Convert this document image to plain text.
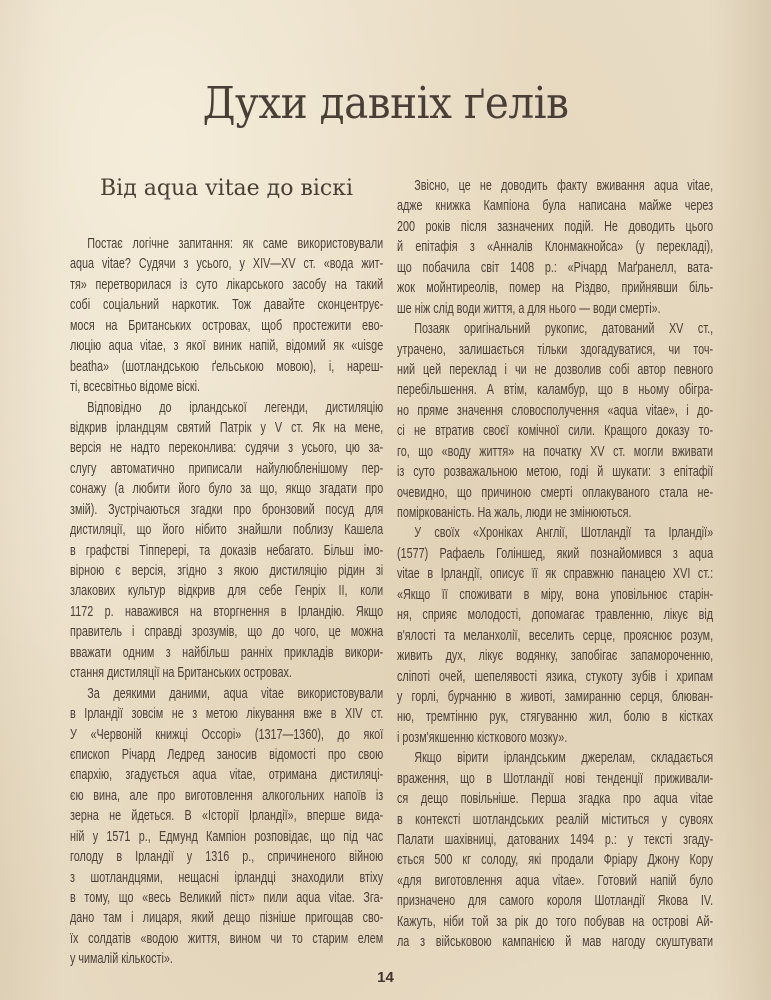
Духи давніх ґелів
Від aqua vitae до віскі
Постає логічне запитання: як саме використовували
aqua vitae? Судячи з усього, у XIV—XV ст. «вода жит-
тя» перетворилася із суто лікарського засобу на такий
собі соціальний наркотик. Тож давайте сконцентрує-
мося на Британських островах, щоб простежити ево-
люцію aqua vitae, з якої виник напій, відомий як «uisge
beatha» (шотландською ґельською мовою), і, нареш-
ті, всесвітньо відоме віскі.
Відповідно до ірландської легенди, дистиляцію
відкрив ірландцям святий Патрік у V ст. Як на мене,
версія не надто переконлива: судячи з усього, цю за-
слугу автоматично приписали найулюбленішому пер-
сонажу (а любити його було за що, якщо згадати про
змій). Зустрічаються згадки про бронзовий посуд для
дистиляції, що його нібито знайшли поблизу Кашела
в графстві Тіпперері, та доказів небагато. Більш імо-
вірною є версія, згідно з якою дистиляцію рідин зі
злакових культур відкрив для себе Генріх II, коли
1172 р. наважився на вторгнення в Ірландію. Якщо
правитель і справді зрозумів, що до чого, це можна
вважати одним з найбільш ранніх прикладів викори-
стання дистиляції на Британських островах.
За деякими даними, aqua vitae використовували
в Ірландії зовсім не з метою лікування вже в XIV ст.
У «Червоній книжці Оссорі» (1317—1360), до якої
єпископ Річард Ледред заносив відомості про свою
єпархію, згадується aqua vitae, отримана дистиляці-
єю вина, але про виготовлення алкогольних напоїв із
зерна не йдеться. В «Історії Ірландії», вперше вида-
ній у 1571 р., Едмунд Кампіон розповідає, що під час
голоду в Ірландії у 1316 р., спричиненого війною
з шотландцями, нещасні ірландці знаходили втіху
в тому, що «весь Великий піст» пили aqua vitae. Зга-
дано там і лицаря, який дещо пізніше пригощав сво-
їх солдатів «водою життя, вином чи то старим елем
у чималій кількості».
Звісно, це не доводить факту вживання aqua vitae,
адже книжка Кампіона була написана майже через
200 років після зазначених подій. Не доводить цього
й епітафія з «Анналів Клонмакнойса» (у перекладі),
що побачила світ 1408 р.: «Річард Маґранелл, вата-
жок мойнтиреолів, помер на Різдво, прийнявши біль-
ше ніж слід води життя, а для нього — води смерті».
Позаяк оригінальний рукопис, датований XV ст.,
утрачено, залишається тільки здогадуватися, чи точ-
ний цей переклад і чи не дозволив собі автор певного
перебільшення. А втім, каламбур, що в ньому обігра-
но пряме значення словосполучення «aqua vitae», і до-
сі не втратив своєї комічної сили. Кращого доказу то-
го, що «воду життя» на початку XV ст. могли вживати
із суто розважальною метою, годі й шукати: з епітафії
очевидно, що причиною смерті оплакуваного стала не-
поміркованість. На жаль, люди не змінюються.
У своїх «Хроніках Англії, Шотландії та Ірландії»
(1577) Рафаель Голіншед, який познайомився з aqua
vitae в Ірландії, описує її як справжню панацею XVI ст.:
«Якщо її споживати в міру, вона уповільнює старін-
ня, сприяє молодості, допомагає травленню, лікує від
в'ялості та меланхолії, веселить серце, прояснює розум,
живить дух, лікує водянку, запобігає запамороченню,
сліпоті очей, шепелявості язика, стукоту зубів і хрипам
у горлі, бурчанню в животі, замиранню серця, блюван-
ню, тремтінню рук, стягуванню жил, болю в кістках
і розм'якшенню кісткового мозку».
Якщо вірити ірландським джерелам, складається
враження, що в Шотландії нові тенденції приживали-
ся дещо повільніше. Перша згадка про aqua vitae
в контексті шотландських реалій міститься у сувоях
Палати шахівниці, датованих 1494 р.: у тексті згаду-
ється 500 кг солоду, які продали Фріару Джону Кору
«для виготовлення aqua vitae». Готовий напій було
призначено для самого короля Шотландії Якова IV.
Кажуть, ніби той за рік до того побував на острові Ай-
ла з військовою кампанією й мав нагоду скуштувати
14
